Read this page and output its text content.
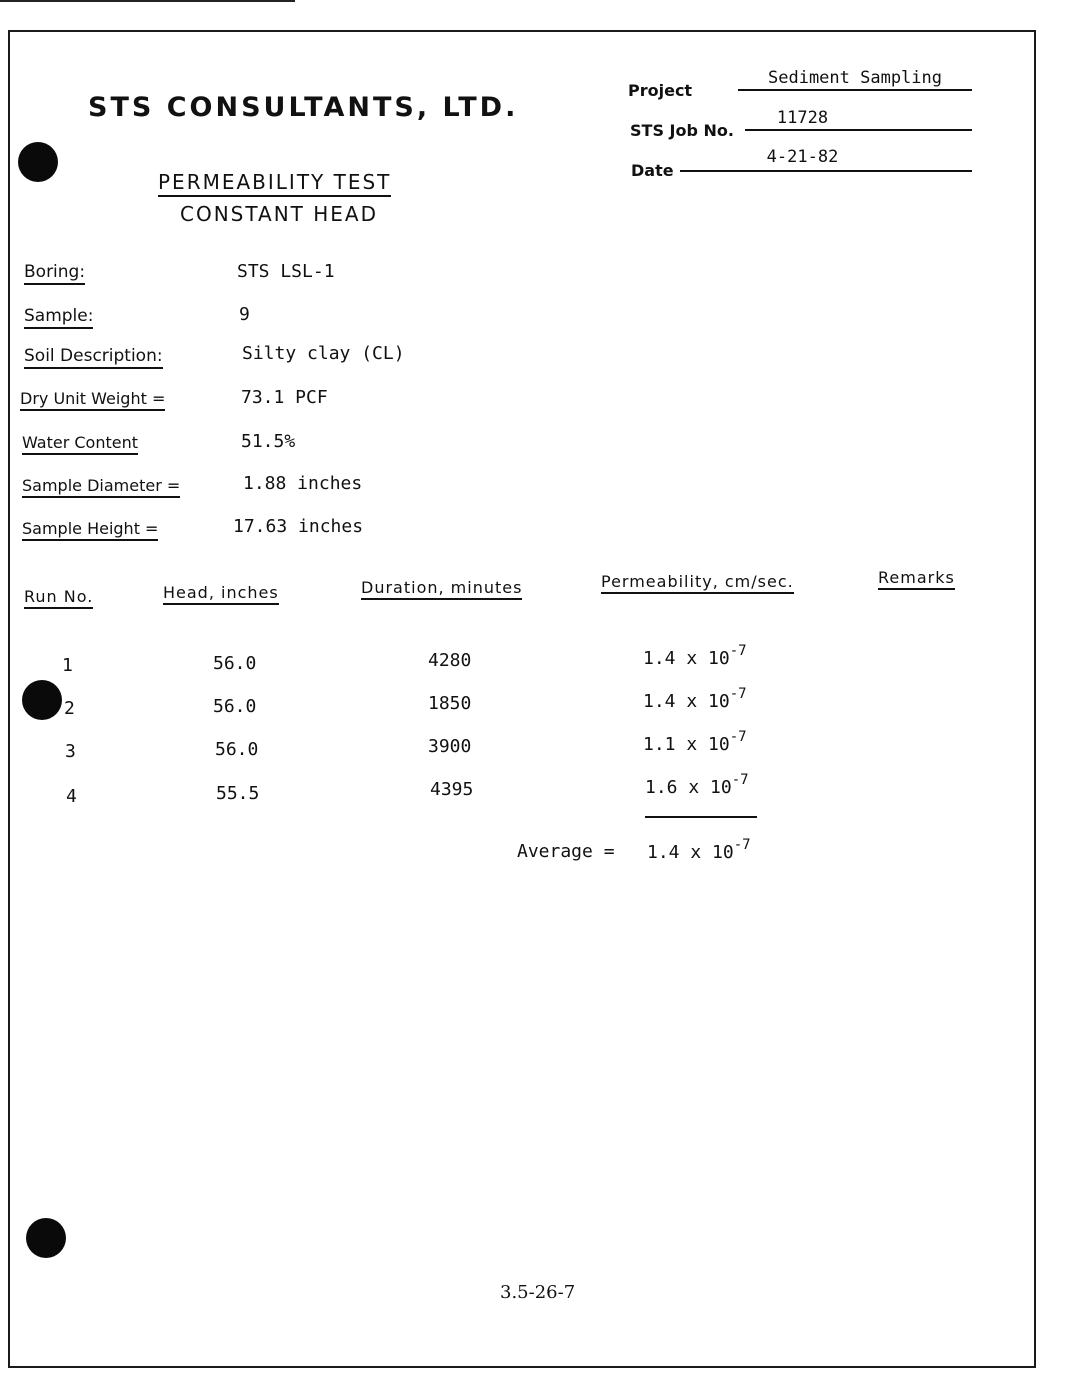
STS CONSULTANTS, LTD.
PERMEABILITY TEST
CONSTANT HEAD
Project
Sediment Sampling
STS Job No.
11728
Date
4-21-82
Boring:	STS LSL-1
Sample:	9
Soil Description:	Silty clay (CL)
Dry Unit Weight =	73.1 PCF
Water Content	51.5%
Sample Diameter =	1.88 inches
Sample Height =	17.63 inches
Run No.	Head, inches	Duration, minutes	Permeability, cm/sec.	Remarks
1	56.0	4280	1.4 x $10^{-7}$
2	56.0	1850	1.4 x $10^{-7}$
3	56.0	3900	1.1 x $10^{-7}$
4	55.5	4395	1.6 x $10^{-7}$
Average = 1.4 x $10^{-7}$
3.5-26-7
